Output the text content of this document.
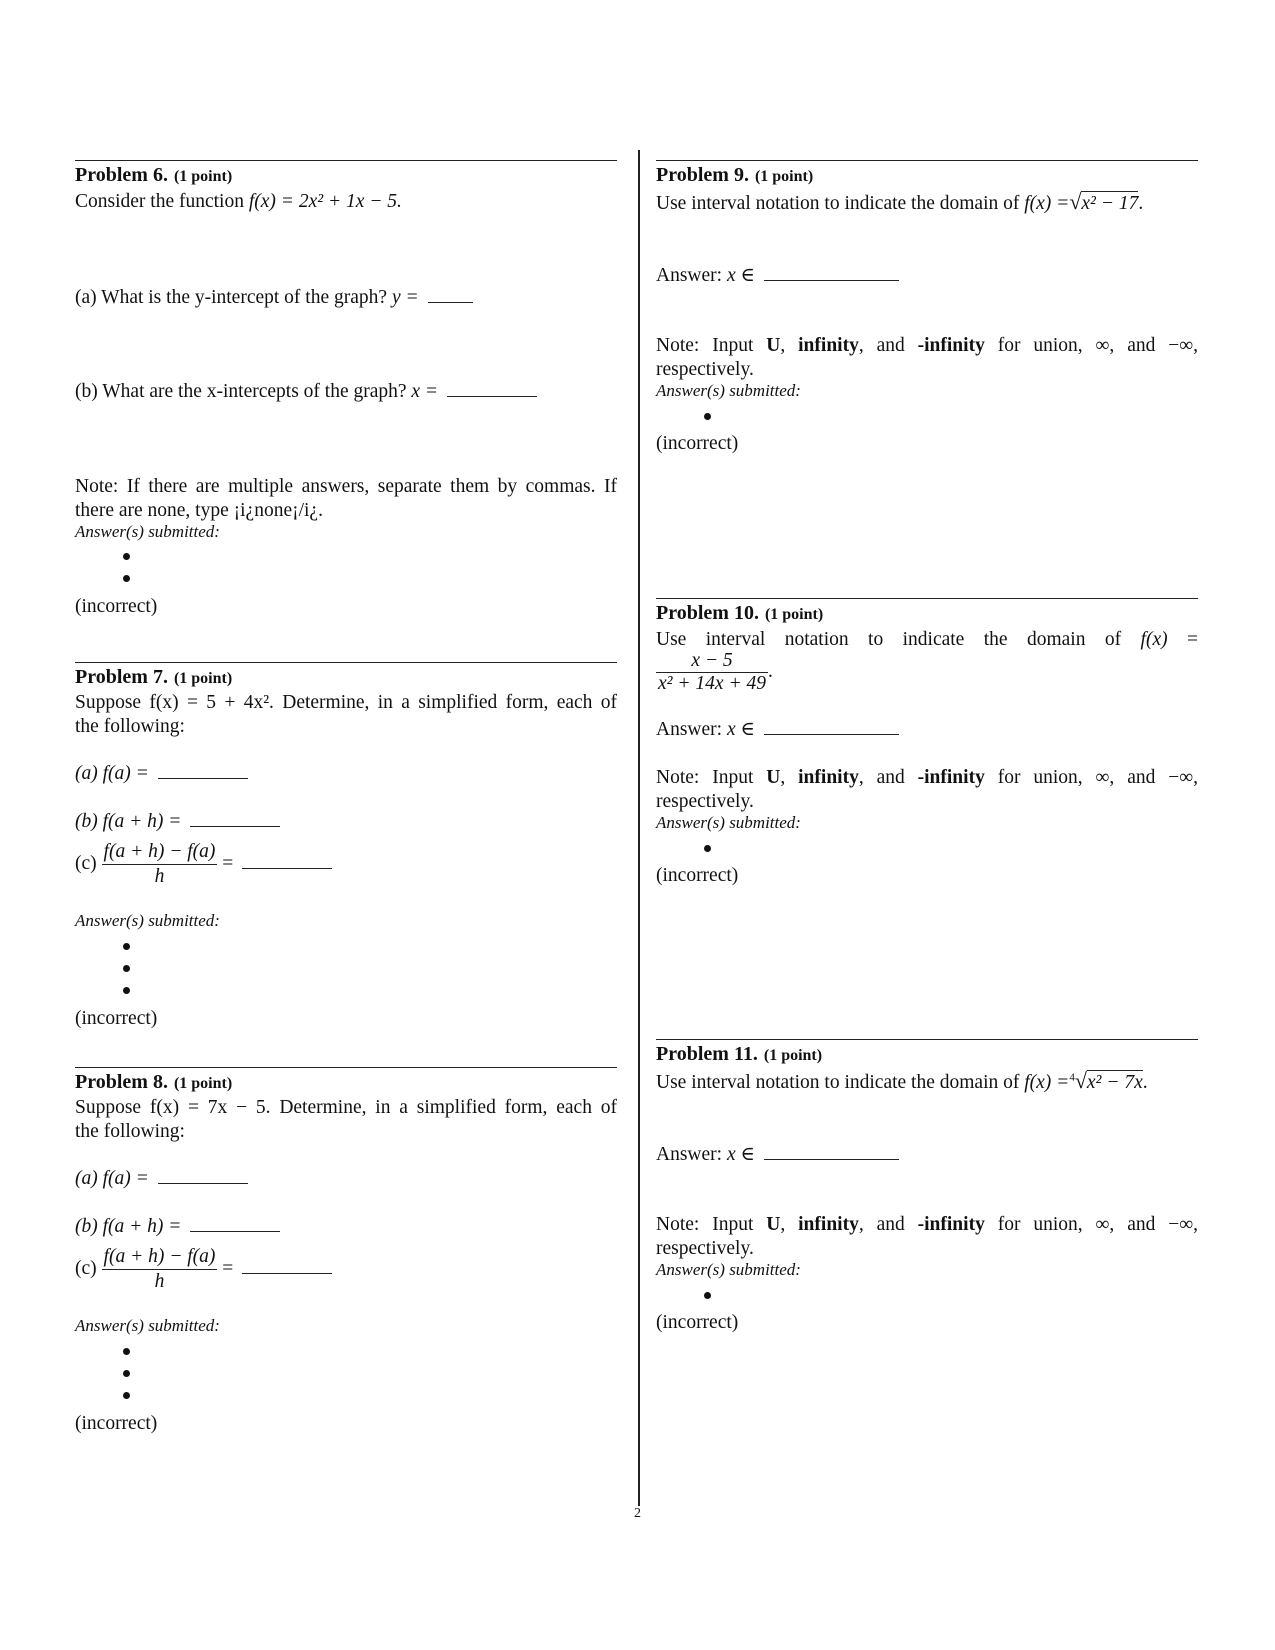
Problem 6. (1 point)
Consider the function f(x) = 2x² + 1x − 5.
(a) What is the y-intercept of the graph? y =
(b) What are the x-intercepts of the graph? x =
Note: If there are multiple answers, separate them by commas. If
there are none, type ¡i¿none¡/i¿.
Answer(s) submitted:
(incorrect)
Problem 7. (1 point)
Suppose f(x) = 5 + 4x². Determine, in a simplified form, each of
the following:
(a) f(a) =
(b) f(a + h) =
$(c) \frac{f(a + h) - f(a)}{h}$ =
Answer(s) submitted:
(incorrect)
Problem 8. (1 point)
Suppose f(x) = 7x − 5. Determine, in a simplified form, each of
the following:
(a) f(a) =
(b) f(a + h) =
$(c) \frac{f(a + h) - f(a)}{h}$ =
Answer(s) submitted:
(incorrect)
Problem 9. (1 point)
Use interval notation to indicate the domain of f(x) =√x² − 17.
Answer: x ∈
Note: Input U, infinity, and -infinity for union, ∞, and −∞,
respectively.
Answer(s) submitted:
(incorrect)
Problem 10. (1 point)
Use interval notation to indicate the domain of f(x) =
$\frac{x - 5}{\text{x² + 14x + 49}}$ .
Answer: x ∈
Note: Input U, infinity, and -infinity for union, ∞, and −∞,
respectively.
Answer(s) submitted:
(incorrect)
Problem 11. (1 point)
Use interval notation to indicate the domain of f(x) =$^4$√x² − 7x.
Answer: x ∈
Note: Input U, infinity, and -infinity for union, ∞, and −∞,
respectively.
Answer(s) submitted:
(incorrect)
2
